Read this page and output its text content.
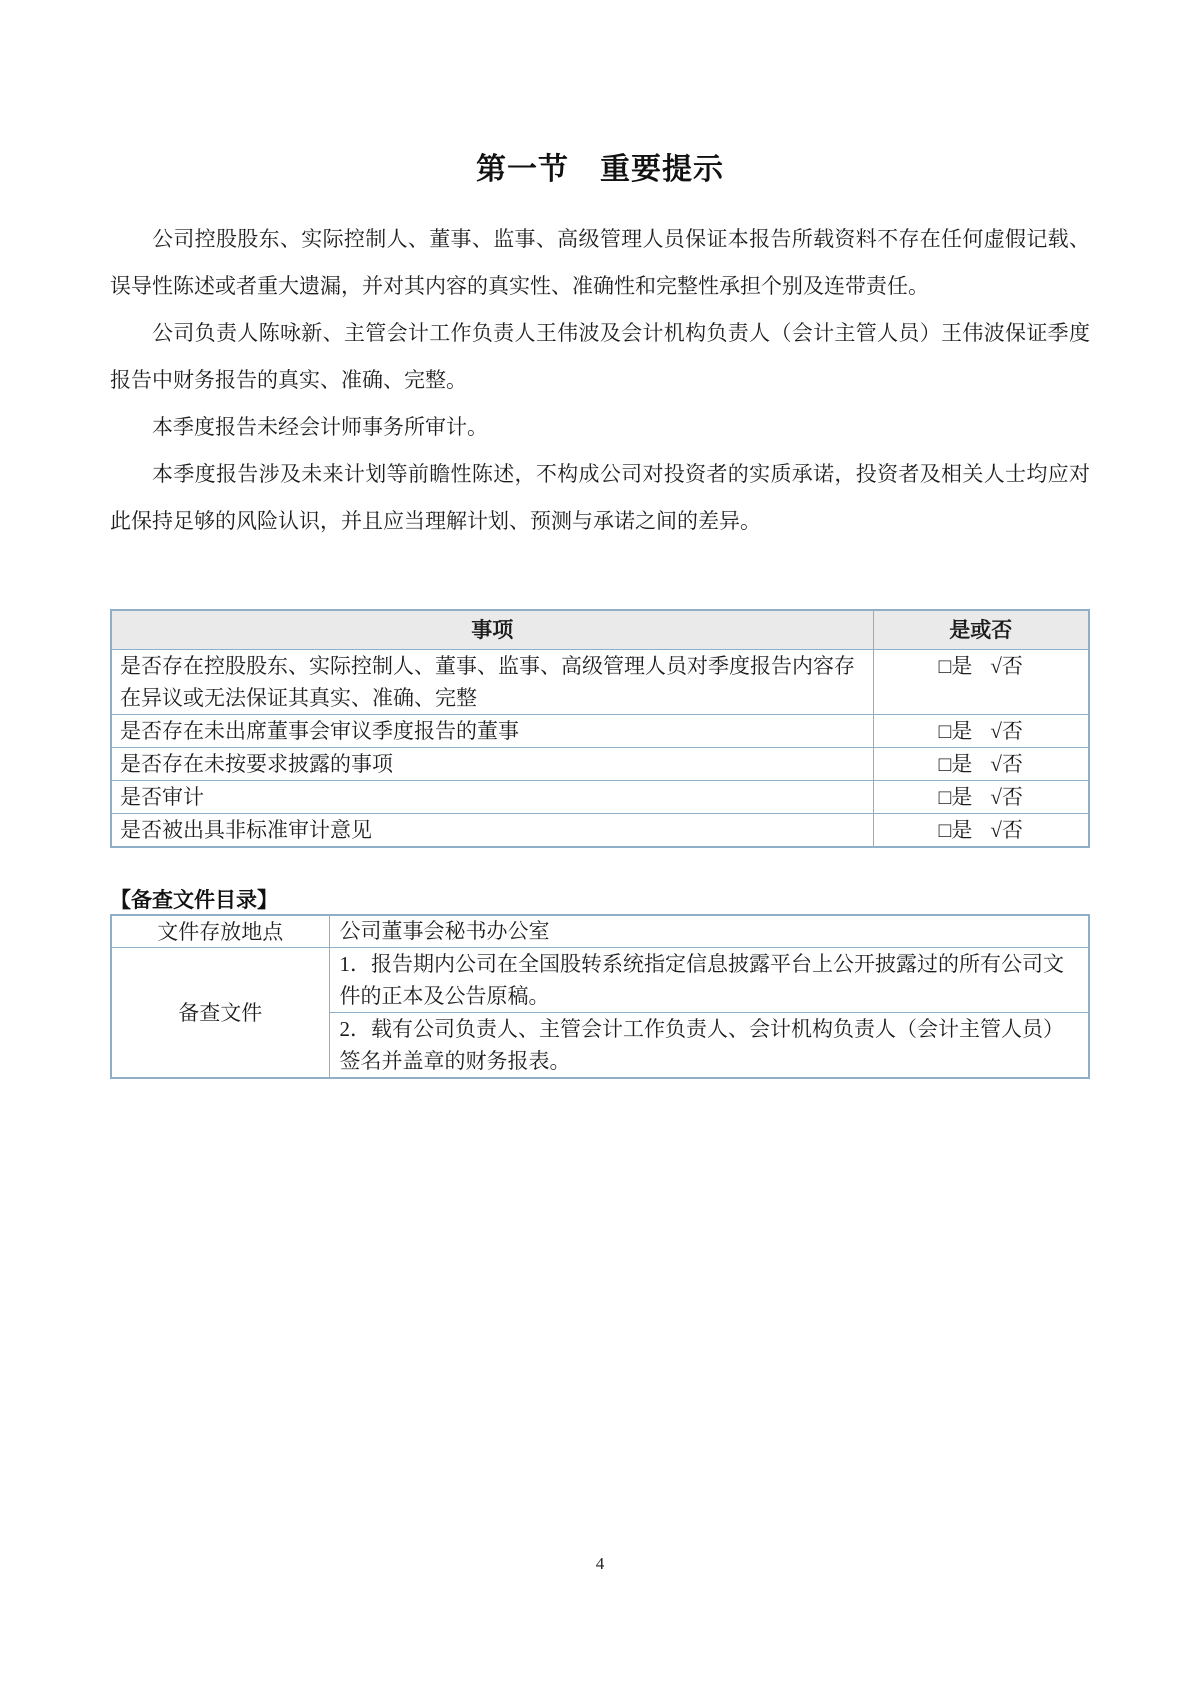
第一节　重要提示

公司控股股东、实际控制人、董事、监事、高级管理人员保证本报告所载资料不存在任何虚假记载、误导性陈述或者重大遗漏，并对其内容的真实性、准确性和完整性承担个别及连带责任。

公司负责人陈咏新、主管会计工作负责人王伟波及会计机构负责人（会计主管人员）王伟波保证季度报告中财务报告的真实、准确、完整。

本季度报告未经会计师事务所审计。

本季度报告涉及未来计划等前瞻性陈述，不构成公司对投资者的实质承诺，投资者及相关人士均应对此保持足够的风险认识，并且应当理解计划、预测与承诺之间的差异。

事项	是或否
是否存在控股股东、实际控制人、董事、监事、高级管理人员对季度报告内容存在异议或无法保证其真实、准确、完整	□是 √否
是否存在未出席董事会审议季度报告的董事	□是 √否
是否存在未按要求披露的事项	□是 √否
是否审计	□是 √否
是否被出具非标准审计意见	□是 √否
【备查文件目录】
文件存放地点	公司董事会秘书办公室
备查文件	1．报告期内公司在全国股转系统指定信息披露平台上公开披露过的所有公司文件的正本及公告原稿。
	2．载有公司负责人、主管会计工作负责人、会计机构负责人（会计主管人员）签名并盖章的财务报表。
4
